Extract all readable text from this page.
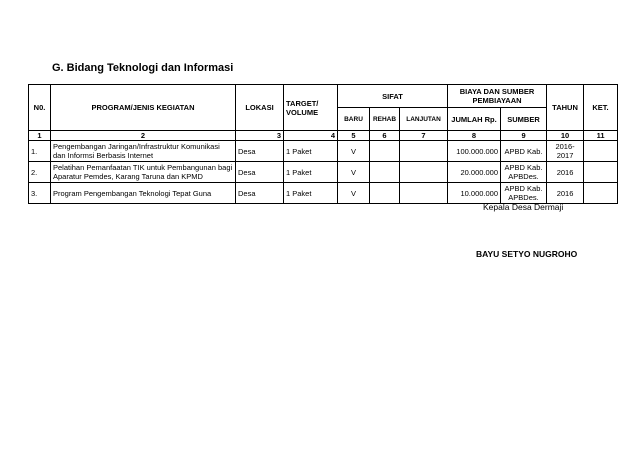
G. Bidang Teknologi dan Informasi
N0.	PROGRAM/JENIS KEGIATAN	LOKASI	TARGET/ VOLUME	SIFAT			BIAYA DAN SUMBER PEMBIAYAAN		TAHUN	KET.
				BARU	REHAB	LANJUTAN	JUMLAH Rp.	SUMBER		
1	2	3	4	5	6	7	8	9	10	11
1.	Pengembangan Jaringan/Infrastruktur Komunikasi dan Informsi Berbasis Internet	Desa	1 Paket	V			100.000.000	APBD Kab.	2016-2017	
2.	Pelatihan Pemanfaatan TIK untuk Pembangunan bagi Aparatur Pemdes, Karang Taruna dan KPMD	Desa	1 Paket	V			20.000.000	APBD Kab. APBDes.	2016	
3.	Program Pengembangan Teknologi Tepat Guna	Desa	1 Paket	V			10.000.000	APBD Kab. APBDes.	2016	
Kepala Desa Dermaji
BAYU SETYO NUGROHO
